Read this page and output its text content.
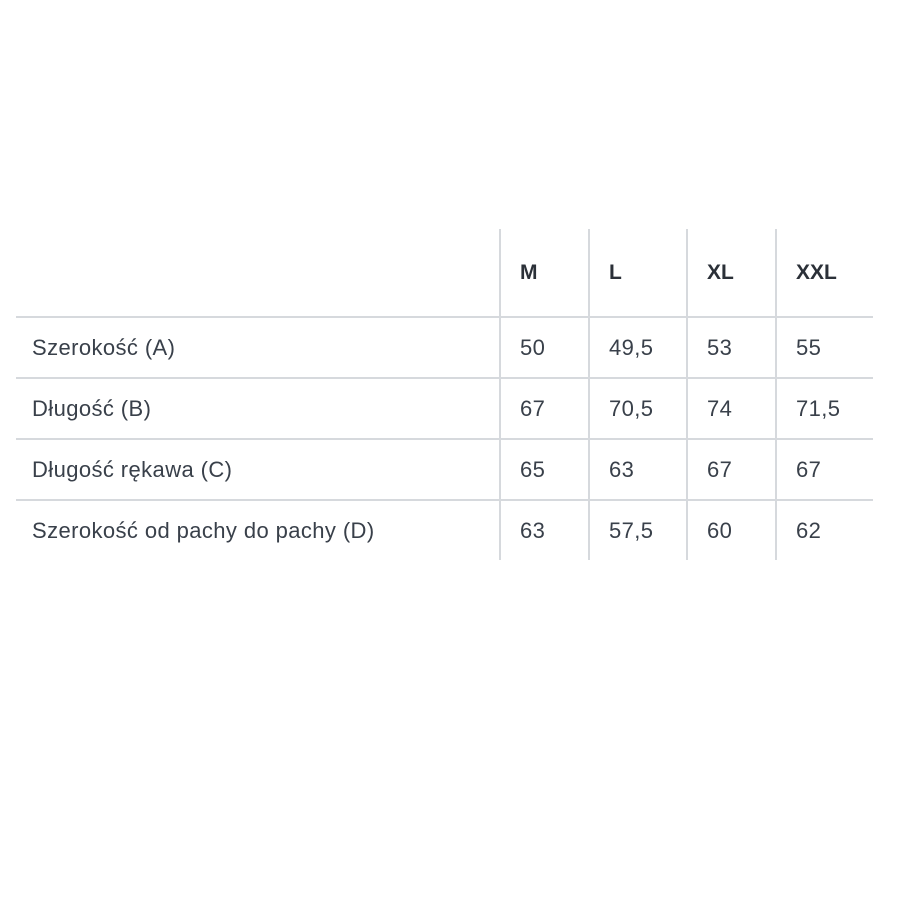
	M	L	XL	XXL
Szerokość (A)	50	49,5	53	55
Długość (B)	67	70,5	74	71,5
Długość rękawa (C)	65	63	67	67
Szerokość od pachy do pachy (D)	63	57,5	60	62
